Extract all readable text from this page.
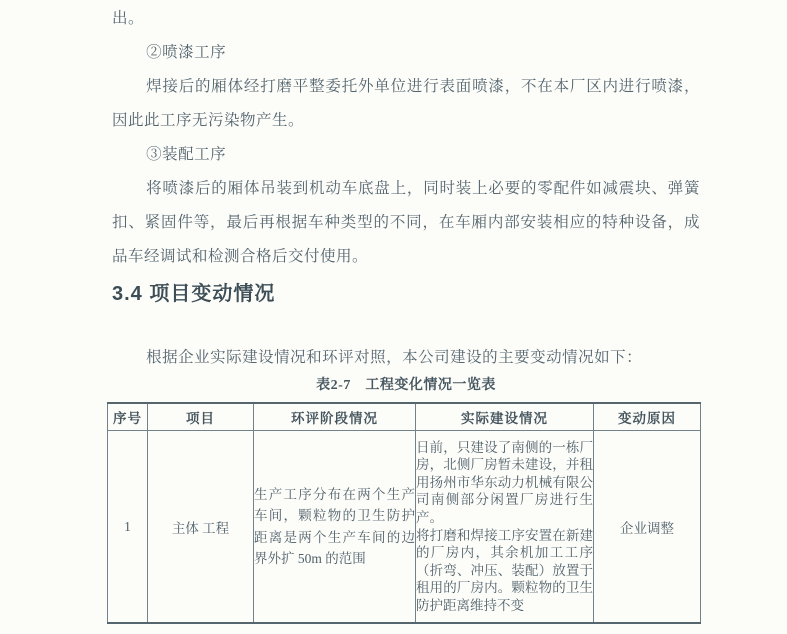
出。

②喷漆工序

焊接后的厢体经打磨平整委托外单位进行表面喷漆，不在本厂区内进行喷漆，因此此工序无污染物产生。

③装配工序

将喷漆后的厢体吊装到机动车底盘上，同时装上必要的零配件如减震块、弹簧扣、紧固件等，最后再根据车种类型的不同，在车厢内部安装相应的特种设备，成品车经调试和检测合格后交付使用。

3.4 项目变动情况

根据企业实际建设情况和环评对照，本公司建设的主要变动情况如下：

表2-7　工程变化情况一览表
序号	项目	环评阶段情况	实际建设情况	变动原因
1	主体 工程	生产工序分布在两个生产车间，颗粒物的卫生防护距离是两个生产车间的边界外扩 50m 的范围	日前，只建设了南侧的一栋厂房，北侧厂房暂未建设，并租用扬州市华东动力机械有限公司南侧部分闲置厂房进行生产。

将打磨和焊接工序安置在新建的厂房内，其余机加工工序（折弯、冲压、装配）放置于租用的厂房内。颗粒物的卫生防护距离维持不变	企业调整
